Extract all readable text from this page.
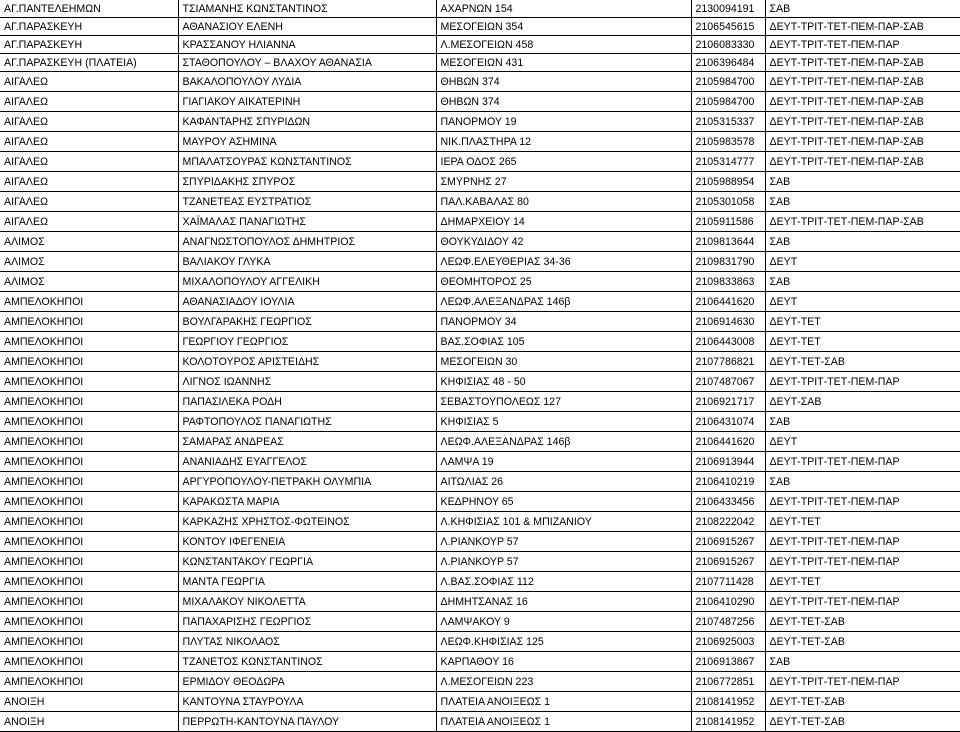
ΑΓ.ΠΑΝΤΕΛΕΗΜΩΝ	ΤΣΙΑΜΑΝΗΣ ΚΩΝΣΤΑΝΤΙΝΟΣ	ΑΧΑΡΝΩΝ 154	2130094191	ΣΑΒ
ΑΓ.ΠΑΡΑΣΚΕΥΗ	ΑΘΑΝΑΣΙΟΥ ΕΛΕΝΗ	ΜΕΣΟΓΕΙΩΝ 354	2106545615	ΔΕΥΤ-ΤΡΙΤ-ΤΕΤ-ΠΕΜ-ΠΑΡ-ΣΑΒ
ΑΓ.ΠΑΡΑΣΚΕΥΗ	ΚΡΑΣΣΑΝΟΥ ΗΛΙΑΝΝΑ	Λ.ΜΕΣΟΓΕΙΩΝ 458	2106083330	ΔΕΥΤ-ΤΡΙΤ-ΤΕΤ-ΠΕΜ-ΠΑΡ
ΑΓ.ΠΑΡΑΣΚΕΥΗ (ΠΛΑΤΕΙΑ)	ΣΤΑΘΟΠΟΥΛΟΥ – ΒΛΑΧΟΥ ΑΘΑΝΑΣΙΑ	ΜΕΣΟΓΕΙΩΝ 431	2106396484	ΔΕΥΤ-ΤΡΙΤ-ΤΕΤ-ΠΕΜ-ΠΑΡ-ΣΑΒ
ΑΙΓΑΛΕΩ	ΒΑΚΑΛΟΠΟΥΛΟΥ ΛΥΔΙΑ	ΘΗΒΩΝ 374	2105984700	ΔΕΥΤ-ΤΡΙΤ-ΤΕΤ-ΠΕΜ-ΠΑΡ-ΣΑΒ
ΑΙΓΑΛΕΩ	ΓΙΑΓΙΑΚΟΥ ΑΙΚΑΤΕΡΙΝΗ	ΘΗΒΩΝ 374	2105984700	ΔΕΥΤ-ΤΡΙΤ-ΤΕΤ-ΠΕΜ-ΠΑΡ-ΣΑΒ
ΑΙΓΑΛΕΩ	ΚΑΦΑΝΤΑΡΗΣ ΣΠΥΡΙΔΩΝ	ΠΑΝΟΡΜΟΥ 19	2105315337	ΔΕΥΤ-ΤΡΙΤ-ΤΕΤ-ΠΕΜ-ΠΑΡ-ΣΑΒ
ΑΙΓΑΛΕΩ	ΜΑΥΡΟΥ ΑΣΗΜΙΝΑ	ΝΙΚ.ΠΛΑΣΤΗΡΑ 12	2105983578	ΔΕΥΤ-ΤΡΙΤ-ΤΕΤ-ΠΕΜ-ΠΑΡ-ΣΑΒ
ΑΙΓΑΛΕΩ	ΜΠΑΛΑΤΣΟΥΡΑΣ ΚΩΝΣΤΑΝΤΙΝΟΣ	ΙΕΡΑ ΟΔΟΣ 265	2105314777	ΔΕΥΤ-ΤΡΙΤ-ΤΕΤ-ΠΕΜ-ΠΑΡ-ΣΑΒ
ΑΙΓΑΛΕΩ	ΣΠΥΡΙΔΑΚΗΣ ΣΠΥΡΟΣ	ΣΜΥΡΝΗΣ 27	2105988954	ΣΑΒ
ΑΙΓΑΛΕΩ	ΤΖΑΝΕΤΕΑΣ ΕΥΣΤΡΑΤΙΟΣ	ΠΑΛ.ΚΑΒΑΛΑΣ 80	2105301058	ΣΑΒ
ΑΙΓΑΛΕΩ	ΧΑΪΜΑΛΑΣ ΠΑΝΑΓΙΩΤΗΣ	ΔΗΜΑΡΧΕΙΟΥ 14	2105911586	ΔΕΥΤ-ΤΡΙΤ-ΤΕΤ-ΠΕΜ-ΠΑΡ-ΣΑΒ
ΑΛΙΜΟΣ	ΑΝΑΓΝΩΣΤΟΠΟΥΛΟΣ ΔΗΜΗΤΡΙΟΣ	ΘΟΥΚΥΔΙΔΟΥ 42	2109813644	ΣΑΒ
ΑΛΙΜΟΣ	ΒΑΛΙΑΚΟΥ ΓΛΥΚΑ	ΛΕΩΦ.ΕΛΕΥΘΕΡΙΑΣ 34-36	2109831790	ΔΕΥΤ
ΑΛΙΜΟΣ	ΜΙΧΑΛΟΠΟΥΛΟΥ ΑΓΓΕΛΙΚΗ	ΘΕΟΜΗΤΟΡΟΣ 25	2109833863	ΣΑΒ
ΑΜΠΕΛΟΚΗΠΟΙ	ΑΘΑΝΑΣΙΑΔΟΥ ΙΟΥΛΙΑ	ΛΕΩΦ.ΑΛΕΞΑΝΔΡΑΣ 146β	2106441620	ΔΕΥΤ
ΑΜΠΕΛΟΚΗΠΟΙ	ΒΟΥΛΓΑΡΑΚΗΣ ΓΕΩΡΓΙΟΣ	ΠΑΝΟΡΜΟΥ 34	2106914630	ΔΕΥΤ-ΤΕΤ
ΑΜΠΕΛΟΚΗΠΟΙ	ΓΕΩΡΓΙΟΥ ΓΕΩΡΓΙΟΣ	ΒΑΣ.ΣΟΦΙΑΣ 105	2106443008	ΔΕΥΤ-ΤΕΤ
ΑΜΠΕΛΟΚΗΠΟΙ	ΚΟΛΟΤΟΥΡΟΣ ΑΡΙΣΤΕΙΔΗΣ	ΜΕΣΟΓΕΙΩΝ 30	2107786821	ΔΕΥΤ-ΤΕΤ-ΣΑΒ
ΑΜΠΕΛΟΚΗΠΟΙ	ΛΙΓΝΟΣ ΙΩΑΝΝΗΣ	ΚΗΦΙΣΙΑΣ 48 - 50	2107487067	ΔΕΥΤ-ΤΡΙΤ-ΤΕΤ-ΠΕΜ-ΠΑΡ
ΑΜΠΕΛΟΚΗΠΟΙ	ΠΑΠΑΣΙΛΕΚΑ ΡΟΔΗ	ΣΕΒΑΣΤΟΥΠΟΛΕΩΣ 127	2106921717	ΔΕΥΤ-ΣΑΒ
ΑΜΠΕΛΟΚΗΠΟΙ	ΡΑΦΤΟΠΟΥΛΟΣ ΠΑΝΑΓΙΩΤΗΣ	ΚΗΦΙΣΙΑΣ 5	2106431074	ΣΑΒ
ΑΜΠΕΛΟΚΗΠΟΙ	ΣΑΜΑΡΑΣ ΑΝΔΡΕΑΣ	ΛΕΩΦ.ΑΛΕΞΑΝΔΡΑΣ 146β	2106441620	ΔΕΥΤ
ΑΜΠΕΛΟΚΗΠΟΙ	ΑΝΑΝΙΑΔΗΣ ΕΥΑΓΓΕΛΟΣ	ΛΑΜΨΑ 19	2106913944	ΔΕΥΤ-ΤΡΙΤ-ΤΕΤ-ΠΕΜ-ΠΑΡ
ΑΜΠΕΛΟΚΗΠΟΙ	ΑΡΓΥΡΟΠΟΥΛΟΥ-ΠΕΤΡΑΚΗ ΟΛΥΜΠΙΑ	ΑΙΤΩΛΙΑΣ 26	2106410219	ΣΑΒ
ΑΜΠΕΛΟΚΗΠΟΙ	ΚΑΡΑΚΩΣΤΑ ΜΑΡΙΑ	ΚΕΔΡΗΝΟΥ 65	2106433456	ΔΕΥΤ-ΤΡΙΤ-ΤΕΤ-ΠΕΜ-ΠΑΡ
ΑΜΠΕΛΟΚΗΠΟΙ	ΚΑΡΚΑΖΗΣ ΧΡΗΣΤΟΣ-ΦΩΤΕΙΝΟΣ	Λ.ΚΗΦΙΣΙΑΣ 101 & ΜΠΙΖΑΝΙΟΥ	2108222042	ΔΕΥΤ-ΤΕΤ
ΑΜΠΕΛΟΚΗΠΟΙ	ΚΟΝΤΟΥ ΙΦΕΓΕΝΕΙΑ	Λ.ΡΙΑΝΚΟΥΡ 57	2106915267	ΔΕΥΤ-ΤΡΙΤ-ΤΕΤ-ΠΕΜ-ΠΑΡ
ΑΜΠΕΛΟΚΗΠΟΙ	ΚΩΝΣΤΑΝΤΑΚΟΥ ΓΕΩΡΓΙΑ	Λ.ΡΙΑΝΚΟΥΡ 57	2106915267	ΔΕΥΤ-ΤΡΙΤ-ΤΕΤ-ΠΕΜ-ΠΑΡ
ΑΜΠΕΛΟΚΗΠΟΙ	ΜΑΝΤΑ ΓΕΩΡΓΙΑ	Λ.ΒΑΣ.ΣΟΦΙΑΣ 112	2107711428	ΔΕΥΤ-ΤΕΤ
ΑΜΠΕΛΟΚΗΠΟΙ	ΜΙΧΑΛΑΚΟΥ ΝΙΚΟΛΕΤΤΑ	ΔΗΜΗΤΣΑΝΑΣ 16	2106410290	ΔΕΥΤ-ΤΡΙΤ-ΤΕΤ-ΠΕΜ-ΠΑΡ
ΑΜΠΕΛΟΚΗΠΟΙ	ΠΑΠΑΧΑΡΙΣΗΣ ΓΕΩΡΓΙΟΣ	ΛΑΜΨΑΚΟΥ 9	2107487256	ΔΕΥΤ-ΤΕΤ-ΣΑΒ
ΑΜΠΕΛΟΚΗΠΟΙ	ΠΛΥΤΑΣ ΝΙΚΟΛΑΟΣ	ΛΕΩΦ.ΚΗΦΙΣΙΑΣ 125	2106925003	ΔΕΥΤ-ΤΕΤ-ΣΑΒ
ΑΜΠΕΛΟΚΗΠΟΙ	ΤΖΑΝΕΤΟΣ ΚΩΝΣΤΑΝΤΙΝΟΣ	ΚΑΡΠΑΘΟΥ 16	2106913867	ΣΑΒ
ΑΜΠΕΛΟΚΗΠΟΙ	ΕΡΜΙΔΟΥ ΘΕΟΔΩΡΑ	Λ.ΜΕΣΟΓΕΙΩΝ 223	2106772851	ΔΕΥΤ-ΤΡΙΤ-ΤΕΤ-ΠΕΜ-ΠΑΡ
ΑΝΟΙΞΗ	ΚΑΝΤΟΥΝΑ ΣΤΑΥΡΟΥΛΑ	ΠΛΑΤΕΙΑ ΑΝΟΙΞΕΩΣ 1	2108141952	ΔΕΥΤ-ΤΕΤ-ΣΑΒ
ΑΝΟΙΞΗ	ΠΕΡΡΩΤΗ-ΚΑΝΤΟΥΝΑ ΠΑΥΛΟΥ	ΠΛΑΤΕΙΑ ΑΝΟΙΞΕΩΣ 1	2108141952	ΔΕΥΤ-ΤΕΤ-ΣΑΒ
